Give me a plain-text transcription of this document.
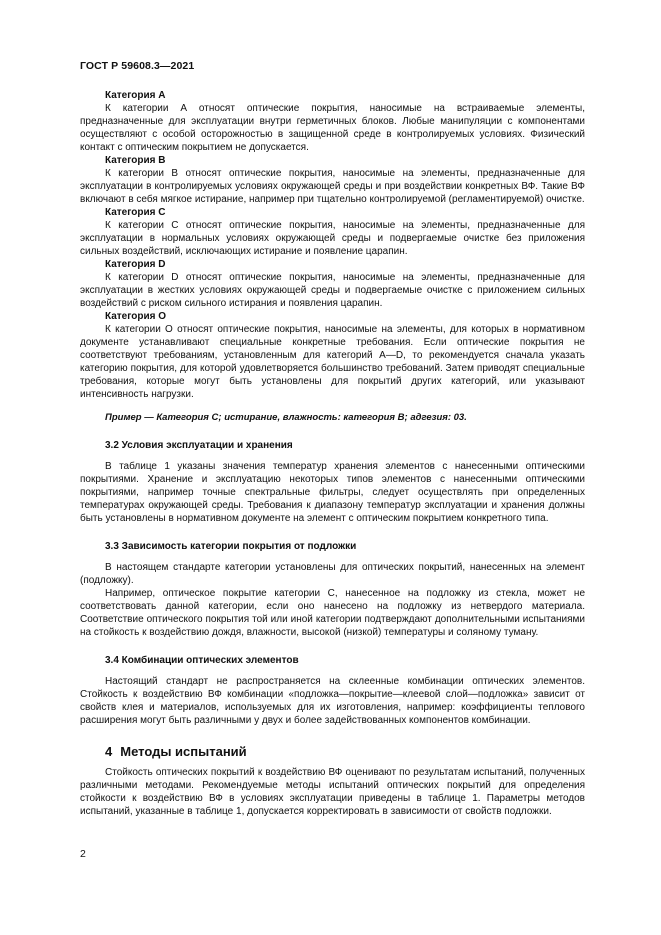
ГОСТ Р 59608.3—2021
Категория А

К категории А относят оптические покрытия, наносимые на встраиваемые элементы, предназначенные для эксплуатации внутри герметичных блоков. Любые манипуляции с компонентами осуществляют с особой осторожностью в защищенной среде в контролируемых условиях. Физический контакт с оптическим покрытием не допускается.

Категория В

К категории В относят оптические покрытия, наносимые на элементы, предназначенные для эксплуатации в контролируемых условиях окружающей среды и при воздействии конкретных ВФ. Такие ВФ включают в себя мягкое истирание, например при тщательно контролируемой (регламентируемой) очистке.

Категория С

К категории С относят оптические покрытия, наносимые на элементы, предназначенные для эксплуатации в нормальных условиях окружающей среды и подвергаемые очистке без приложения сильных воздействий, исключающих истирание и появление царапин.

Категория D

К категории D относят оптические покрытия, наносимые на элементы, предназначенные для эксплуатации в жестких условиях окружающей среды и подвергаемые очистке с приложением сильных воздействий с риском сильного истирания и появления царапин.

Категория О

К категории О относят оптические покрытия, наносимые на элементы, для которых в нормативном документе устанавливают специальные конкретные требования. Если оптические покрытия не соответствуют требованиям, установленным для категорий А—D, то рекомендуется сначала указать категорию покрытия, для которой удовлетворяется большинство требований. Затем приводят специальные требования, которые могут быть установлены для покрытий других категорий, или указывают интенсивность нагрузки.

Пример — Категория С; истирание, влажность: категория В; адгезия: 03.

3.2 Условия эксплуатации и хранения

В таблице 1 указаны значения температур хранения элементов с нанесенными оптическими покрытиями. Хранение и эксплуатацию некоторых типов элементов с нанесенными оптическими покрытиями, например точные спектральные фильтры, следует осуществлять при определенных температурах окружающей среды. Требования к диапазону температур эксплуатации и хранения должны быть установлены в нормативном документе на элемент с оптическим покрытием конкретного типа.

3.3 Зависимость категории покрытия от подложки

В настоящем стандарте категории установлены для оптических покрытий, нанесенных на элемент (подложку).

Например, оптическое покрытие категории С, нанесенное на подложку из стекла, может не соответствовать данной категории, если оно нанесено на подложку из нетвердого материала. Соответствие оптического покрытия той или иной категории подтверждают дополнительными испытаниями на стойкость к воздействию дождя, влажности, высокой (низкой) температуры и соляному туману.

3.4 Комбинации оптических элементов

Настоящий стандарт не распространяется на склеенные комбинации оптических элементов. Стойкость к воздействию ВФ комбинации «подложка—покрытие—клеевой слой—подложка» зависит от свойств клея и материалов, используемых для их изготовления, например: коэффициенты теплового расширения могут быть различными у двух и более задействованных компонентов комбинации.

4 Методы испытаний

Стойкость оптических покрытий к воздействию ВФ оценивают по результатам испытаний, полученных различными методами. Рекомендуемые методы испытаний оптических покрытий для определения стойкости к воздействию ВФ в условиях эксплуатации приведены в таблице 1. Параметры методов испытаний, указанные в таблице 1, допускается корректировать в зависимости от свойств подложки.

2
